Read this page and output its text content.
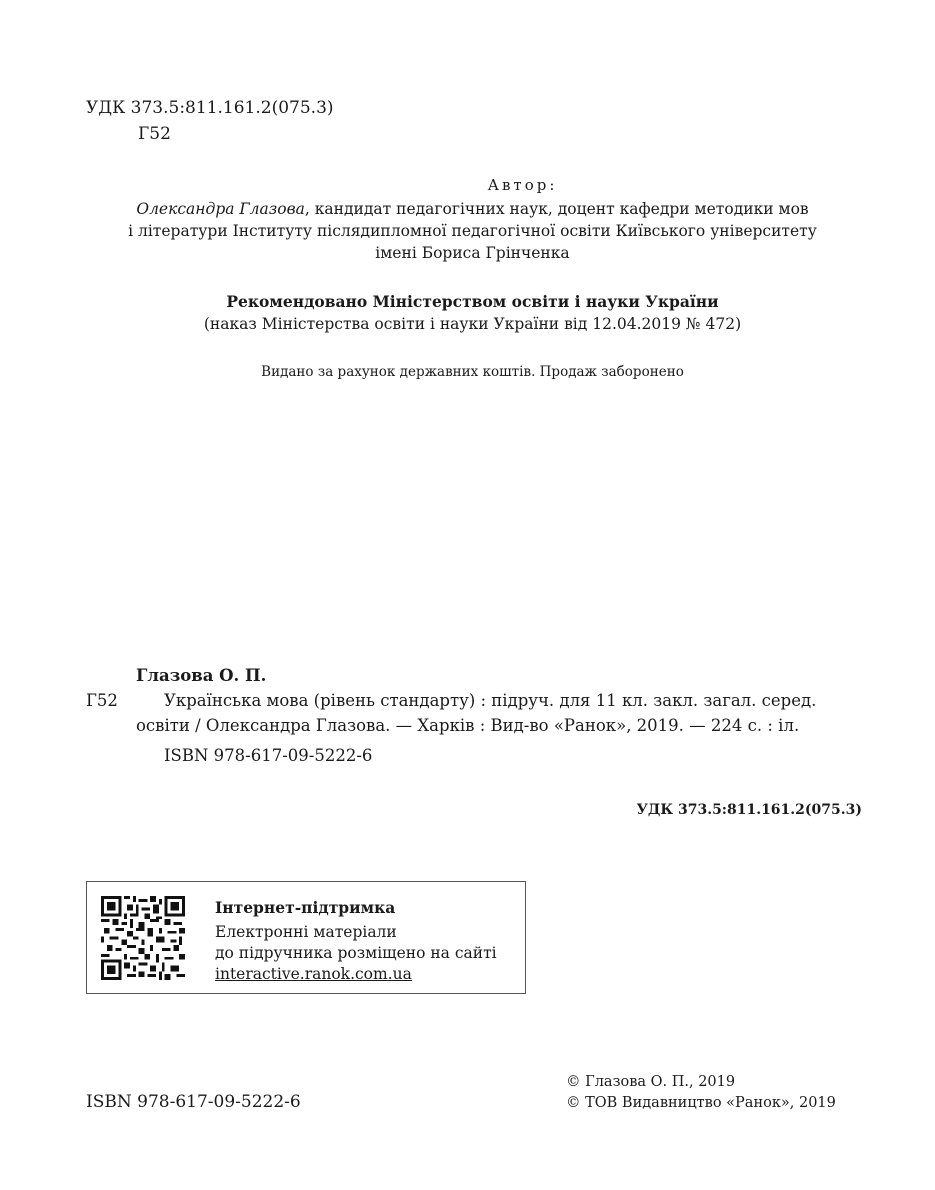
УДК 373.5:811.161.2(075.3)
Г52
Автор:
Олександра Глазова, кандидат педагогічних наук, доцент кафедри методики мов
і літератури Інституту післядипломної педагогічної освіти Київського університету
імені Бориса Грінченка
Рекомендовано Міністерством освіти і науки України
(наказ Міністерства освіти і науки України від 12.04.2019 № 472)
Видано за рахунок державних коштів. Продаж заборонено
Глазова О. П.
Г52	Українська мова (рівень стандарту) : підруч. для 11 кл. закл. загал. серед.
освіти / Олександра Глазова. — Харків : Вид-во «Ранок», 2019. — 224 с. : іл.
ISBN 978-617-09-5222-6
УДК 373.5:811.161.2(075.3)
Інтернет-підтримка
Електронні матеріали
до підручника розміщено на сайті
interactive.ranok.com.ua
ISBN 978-617-09-5222-6
© Глазова О. П., 2019
© ТОВ Видавництво «Ранок», 2019
